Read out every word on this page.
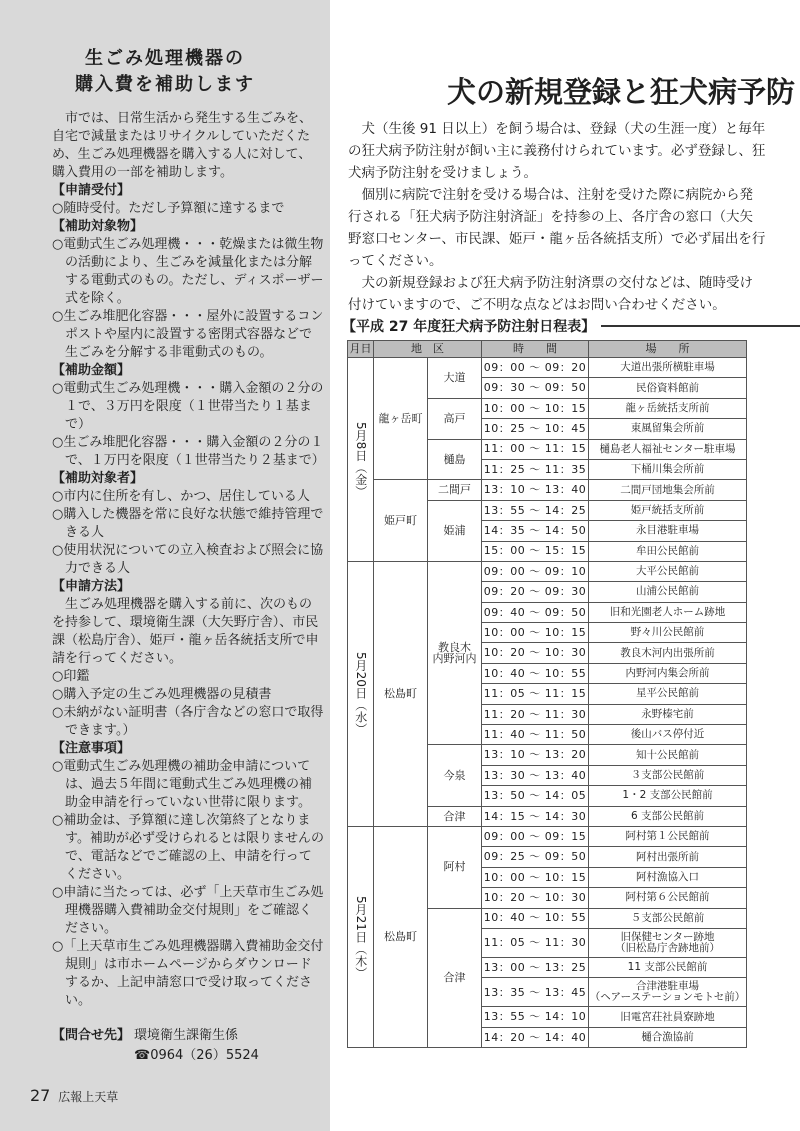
生ごみ処理機器の
購入費を補助します

市では、日常生活から発生する生ごみを、自宅で減量またはリサイクルしていただくため、生ごみ処理機器を購入する人に対して、購入費用の一部を補助します。

【申請受付】

○随時受付。ただし予算額に達するまで

【補助対象物】

○電動式生ごみ処理機・・・乾燥または微生物の活動により、生ごみを減量化または分解する電動式のもの。ただし、ディスポーザー式を除く。

○生ごみ堆肥化容器・・・屋外に設置するコンポストや屋内に設置する密閉式容器などで生ごみを分解する非電動式のもの。

【補助金額】

○電動式生ごみ処理機・・・購入金額の２分の１で、３万円を限度（１世帯当たり１基まで）

○生ごみ堆肥化容器・・・購入金額の２分の１で、１万円を限度（１世帯当たり２基まで）

【補助対象者】

○市内に住所を有し、かつ、居住している人

○購入した機器を常に良好な状態で維持管理できる人

○使用状況についての立入検査および照会に協力できる人

【申請方法】

生ごみ処理機器を購入する前に、次のものを持参して、環境衛生課（大矢野庁舎）、市民課（松島庁舎）、姫戸・龍ヶ岳各統括支所で申請を行ってください。

○印鑑

○購入予定の生ごみ処理機器の見積書

○未納がない証明書（各庁舎などの窓口で取得できます。）

【注意事項】

○電動式生ごみ処理機の補助金申請については、過去５年間に電動式生ごみ処理機の補助金申請を行っていない世帯に限ります。

○補助金は、予算額に達し次第終了となります。補助が必ず受けられるとは限りませんので、電話などでご確認の上、申請を行ってください。

○申請に当たっては、必ず「上天草市生ごみ処理機器購入費補助金交付規則」をご確認ください。

○「上天草市生ごみ処理機器購入費補助金交付規則」は市ホームページからダウンロードするか、上記申請窓口で受け取ってください。

【問合せ先】 環境衛生課衛生係
☎0964（26）5524
27 広報上天草
犬の新規登録と狂犬病予防

犬（生後 91 日以上）を飼う場合は、登録（犬の生涯一度）と毎年の狂犬病予防注射が飼い主に義務付けられています。必ず登録し、狂犬病予防注射を受けましょう。

個別に病院で注射を受ける場合は、注射を受けた際に病院から発行される「狂犬病予防注射済証」を持参の上、各庁舎の窓口（大矢野窓口センター、市民課、姫戸・龍ヶ岳各統括支所）で必ず届出を行ってください。

犬の新規登録および狂犬病予防注射済票の交付などは、随時受け付けていますので、ご不明な点などはお問い合わせください。

【平成 27 年度狂犬病予防注射日程表】
月日	地　区		時　　間	場　　所
5月8日（金）	龍ヶ岳町	大道	09：00 ～ 09：20	大道出張所横駐車場
			09：30 ～ 09：50	民俗資料館前
		高戸	10：00 ～ 10：15	龍ヶ岳統括支所前
			10：25 ～ 10：45	東風留集会所前
		樋島	11：00 ～ 11：15	樋島老人福祉センター駐車場
			11：25 ～ 11：35	下桶川集会所前
	姫戸町	二間戸	13：10 ～ 13：40	二間戸団地集会所前
		姫浦	13：55 ～ 14：25	姫戸統括支所前
			14：35 ～ 14：50	永目港駐車場
			15：00 ～ 15：15	牟田公民館前
5月20日（水）	松島町	教良木
内野河内	09：00 ～ 09：10	大平公民館前
			09：20 ～ 09：30	山浦公民館前
			09：40 ～ 09：50	旧和光園老人ホーム跡地
			10：00 ～ 10：15	野々川公民館前
			10：20 ～ 10：30	教良木河内出張所前
			10：40 ～ 10：55	内野河内集会所前
			11：05 ～ 11：15	星平公民館前
			11：20 ～ 11：30	永野榛宅前
			11：40 ～ 11：50	後山バス停付近
		今泉	13：10 ～ 13：20	知十公民館前
			13：30 ～ 13：40	３支部公民館前
			13：50 ～ 14：05	1・2 支部公民館前
		合津	14：15 ～ 14：30	6 支部公民館前
5月21日（木）	松島町	阿村	09：00 ～ 09：15	阿村第１公民館前
			09：25 ～ 09：50	阿村出張所前
			10：00 ～ 10：15	阿村漁協入口
			10：20 ～ 10：30	阿村第６公民館前
		合津	10：40 ～ 10：55	５支部公民館前
			11：05 ～ 11：30	旧保健センター跡地
（旧松島庁舎跡地前）
			13：00 ～ 13：25	11 支部公民館前
			13：35 ～ 13：45	合津港駐車場
（ヘアーステーションモトセ前）
			13：55 ～ 14：10	旧電宮荘社員寮跡地
			14：20 ～ 14：40	樋合漁協前
